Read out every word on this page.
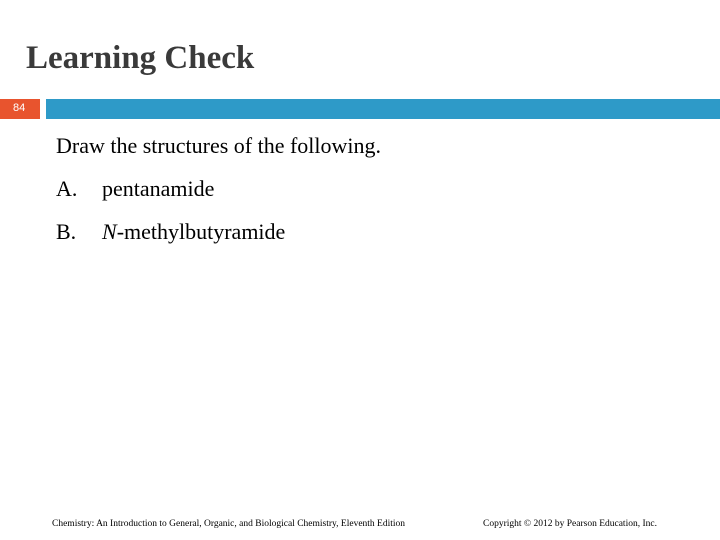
Learning Check
84
Draw the structures of the following.
A. pentanamide
B. N-methylbutyramide
Chemistry: An Introduction to General, Organic, and Biological Chemistry, Eleventh Edition	Copyright © 2012 by Pearson Education, Inc.
